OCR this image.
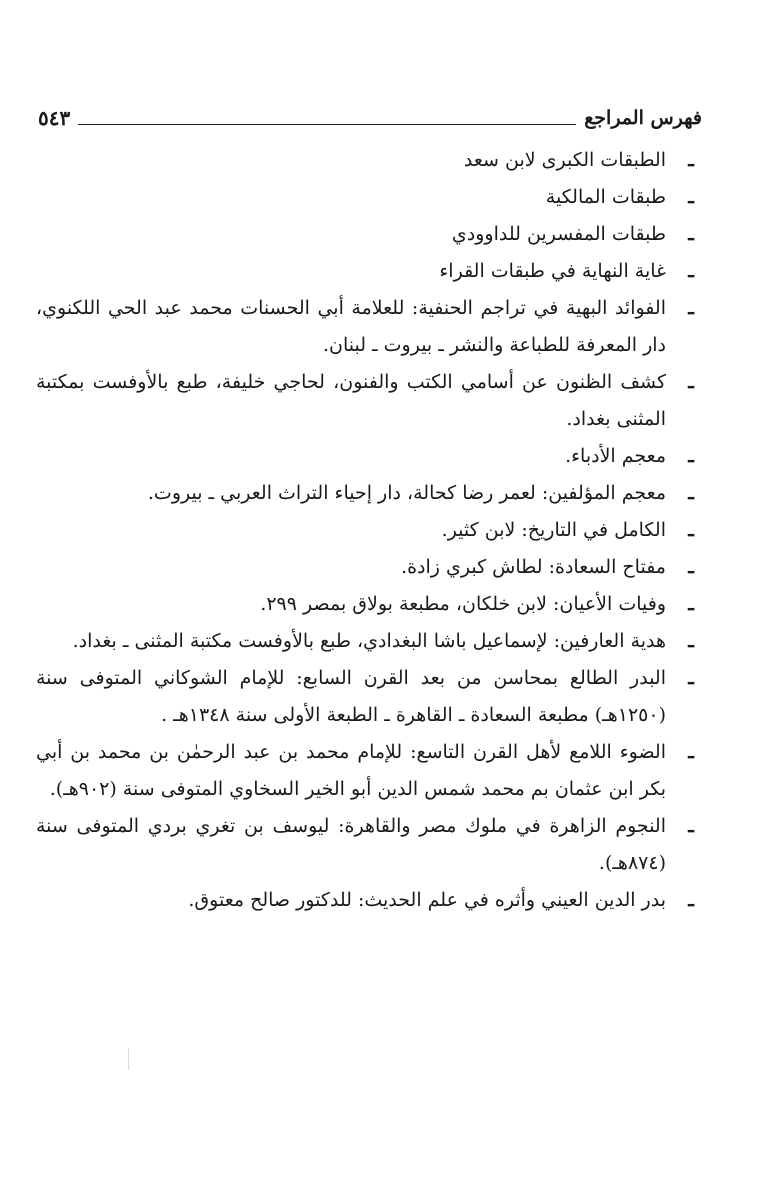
فهرس المراجع
٥٤٣
ـ
الطبقات الكبرى لابن سعد
ـ
طبقات المالكية
ـ
طبقات المفسرين للداوودي
ـ
غاية النهاية في طبقات القراء
ـ
الفوائد البهية في تراجم الحنفية: للعلامة أبي الحسنات محمد عبد الحي اللكنوي، دار المعرفة للطباعة والنشر ـ بيروت ـ لبنان.
ـ
كشف الظنون عن أسامي الكتب والفنون، لحاجي خليفة، طبع بالأوفست بمكتبة المثنى بغداد.
ـ
معجم الأدباء.
ـ
معجم المؤلفين: لعمر رضا كحالة، دار إحياء التراث العربي ـ بيروت.
ـ
الكامل في التاريخ: لابن كثير.
ـ
مفتاح السعادة: لطاش كبري زادة.
ـ
وفيات الأعيان: لابن خلكان، مطبعة بولاق بمصر ٢٩٩.
ـ
هدية العارفين: لإسماعيل باشا البغدادي، طبع بالأوفست مكتبة المثنى ـ بغداد.
ـ
البدر الطالع بمحاسن من بعد القرن السابع: للإمام الشوكاني المتوفى سنة (١٢٥٠هـ) مطبعة السعادة ـ القاهرة ـ الطبعة الأولى سنة ١٣٤٨هـ .
ـ
الضوء اللامع لأهل القرن التاسع: للإمام محمد بن عبد الرحمٰن بن محمد بن أبي بكر ابن عثمان بم محمد شمس الدين أبو الخير السخاوي المتوفى سنة (٩٠٢هـ).
ـ
النجوم الزاهرة في ملوك مصر والقاهرة: ليوسف بن تغري بردي المتوفى سنة (٨٧٤هـ).
ـ
بدر الدين العيني وأثره في علم الحديث: للدكتور صالح معتوق.
